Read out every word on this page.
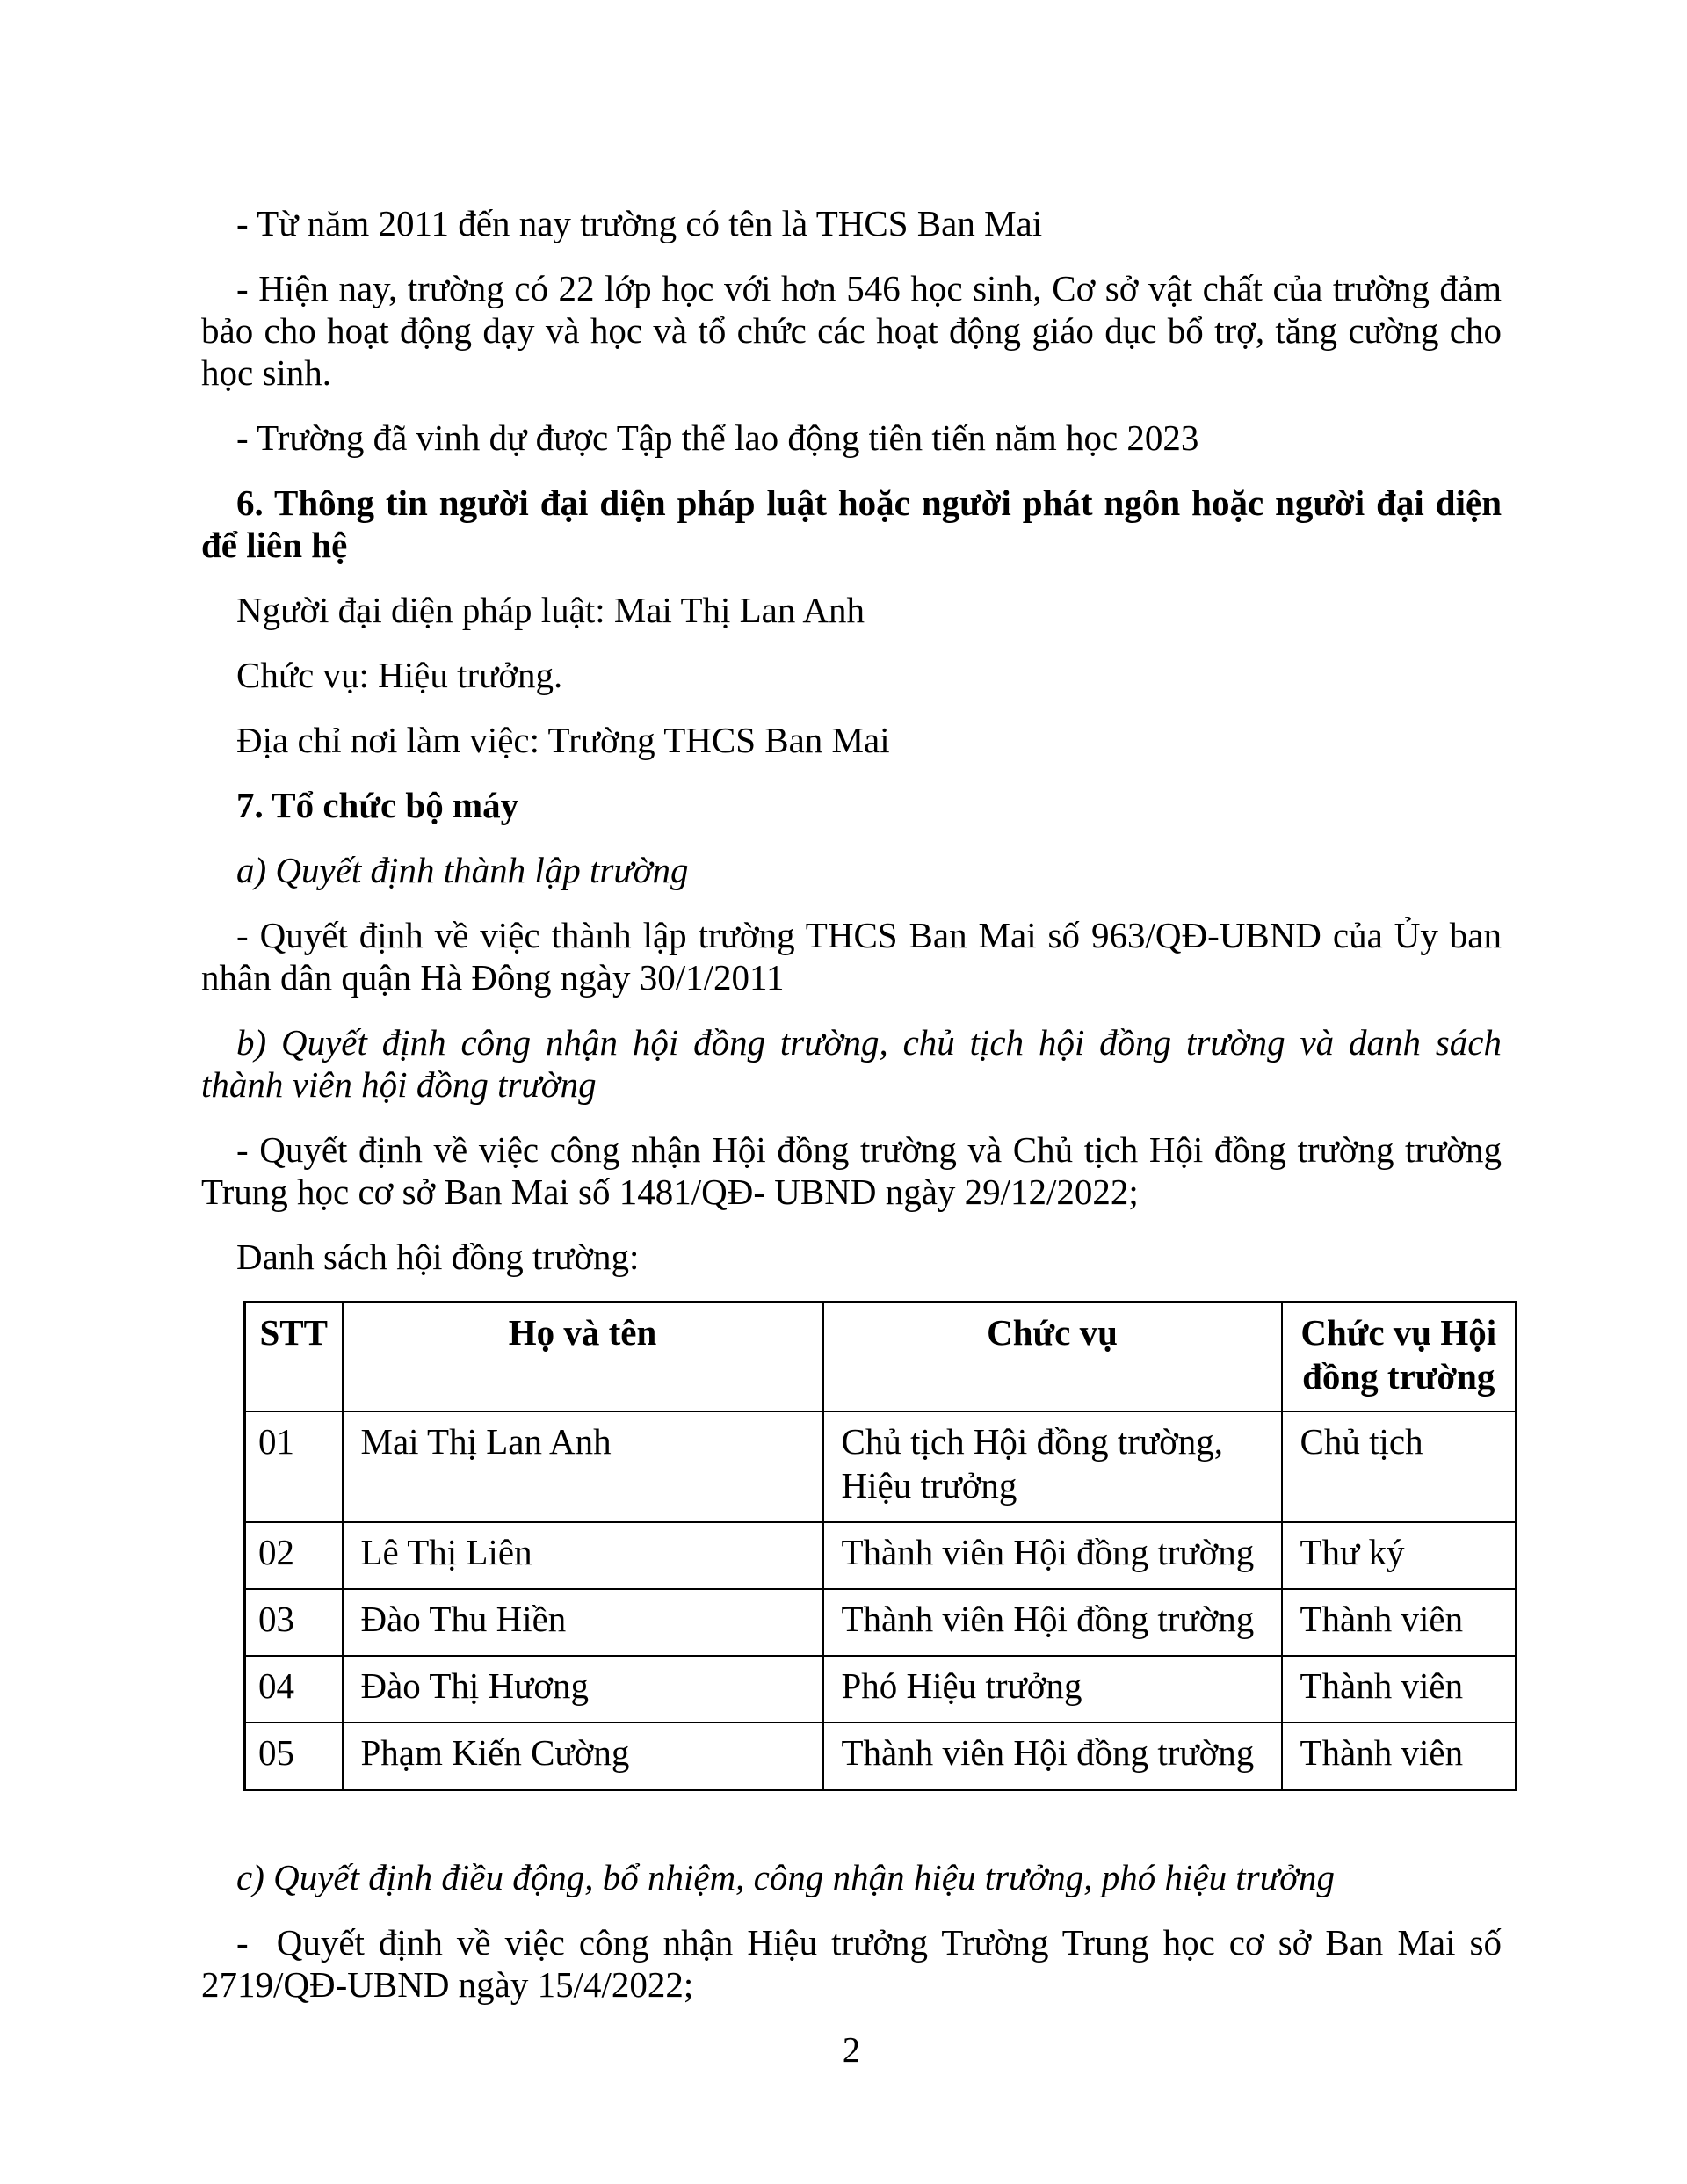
- Từ năm 2011 đến nay trường có tên là THCS Ban Mai

- Hiện nay, trường có 22 lớp học với hơn 546 học sinh, Cơ sở vật chất của trường đảm bảo cho hoạt động dạy và học và tổ chức các hoạt động giáo dục bổ trợ, tăng cường cho học sinh.

- Trường đã vinh dự được Tập thể lao động tiên tiến năm học 2023

6. Thông tin người đại diện pháp luật hoặc người phát ngôn hoặc người đại diện để liên hệ

Người đại diện pháp luật: Mai Thị Lan Anh

Chức vụ: Hiệu trưởng.

Địa chỉ nơi làm việc: Trường THCS Ban Mai

7. Tổ chức bộ máy

a) Quyết định thành lập trường

- Quyết định về việc thành lập trường THCS Ban Mai số 963/QĐ-UBND của Ủy ban nhân dân quận Hà Đông ngày 30/1/2011

b) Quyết định công nhận hội đồng trường, chủ tịch hội đồng trường và danh sách thành viên hội đồng trường

- Quyết định về việc công nhận Hội đồng trường và Chủ tịch Hội đồng trường trường Trung học cơ sở Ban Mai số 1481/QĐ- UBND ngày 29/12/2022;

Danh sách hội đồng trường:

STT	Họ và tên	Chức vụ	Chức vụ Hội đồng trường
01	Mai Thị Lan Anh	Chủ tịch Hội đồng trường, Hiệu trưởng	Chủ tịch
02	Lê Thị Liên	Thành viên Hội đồng trường	Thư ký
03	Đào Thu Hiền	Thành viên Hội đồng trường	Thành viên
04	Đào Thị Hương	Phó Hiệu trưởng	Thành viên
05	Phạm Kiến Cường	Thành viên Hội đồng trường	Thành viên

c) Quyết định điều động, bổ nhiệm, công nhận hiệu trưởng, phó hiệu trưởng

-  Quyết định về việc công nhận Hiệu trưởng Trường Trung học cơ sở Ban Mai số 2719/QĐ-UBND ngày 15/4/2022;

2
